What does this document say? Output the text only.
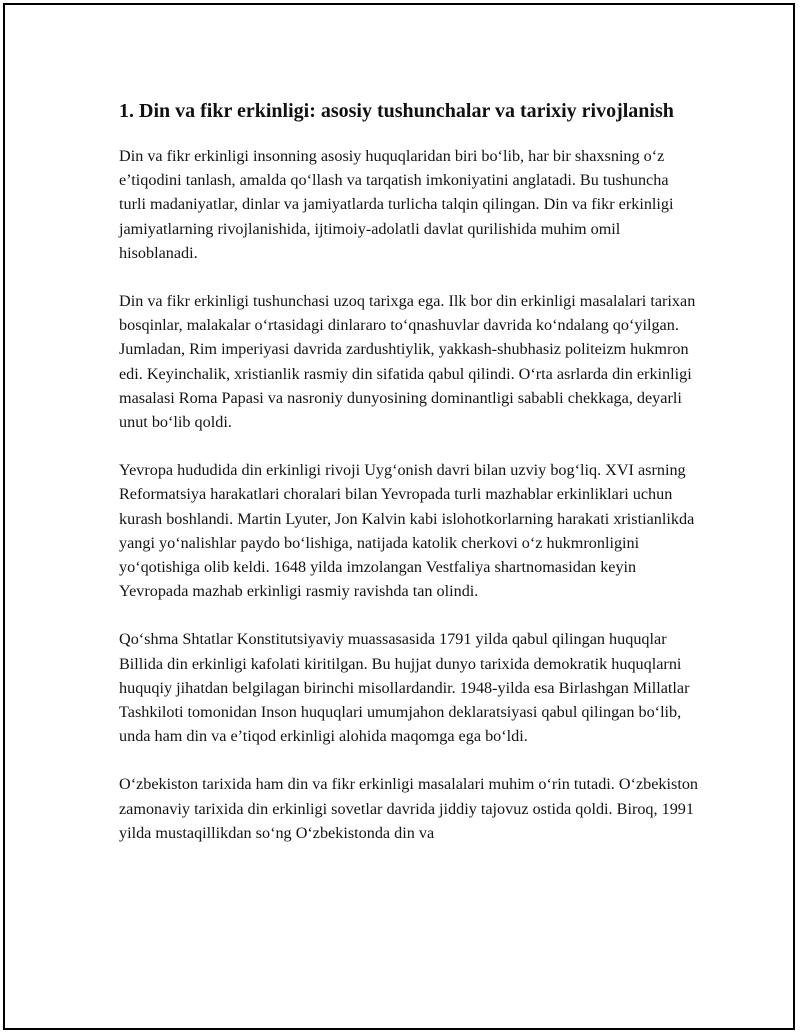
1. Din va fikr erkinligi: asosiy tushunchalar va tarixiy rivojlanish

Din va fikr erkinligi insonning asosiy huquqlaridan biri bo‘lib, har bir shaxsning o‘z e’tiqodini tanlash, amalda qo‘llash va tarqatish imkoniyatini anglatadi. Bu tushuncha turli madaniyatlar, dinlar va jamiyatlarda turlicha talqin qilingan. Din va fikr erkinligi jamiyatlarning rivojlanishida, ijtimoiy-adolatli davlat qurilishida muhim omil hisoblanadi.

Din va fikr erkinligi tushunchasi uzoq tarixga ega. Ilk bor din erkinligi masalalari tarixan bosqinlar, malakalar o‘rtasidagi dinlararo to‘qnashuvlar davrida ko‘ndalang qo‘yilgan. Jumladan, Rim imperiyasi davrida zardushtiylik, yakkash-shubhasiz politeizm hukmron edi. Keyinchalik, xristianlik rasmiy din sifatida qabul qilindi. O‘rta asrlarda din erkinligi masalasi Roma Papasi va nasroniy dunyosining dominantligi sababli chekkaga, deyarli unut bo‘lib qoldi.

Yevropa hududida din erkinligi rivoji Uyg‘onish davri bilan uzviy bog‘liq. XVI asrning Reformatsiya harakatlari choralari bilan Yevropada turli mazhablar erkinliklari uchun kurash boshlandi. Martin Lyuter, Jon Kalvin kabi islohotkorlarning harakati xristianlikda yangi yo‘nalishlar paydo bo‘lishiga, natijada katolik cherkovi o‘z hukmronligini yo‘qotishiga olib keldi. 1648 yilda imzolangan Vestfaliya shartnomasidan keyin Yevropada mazhab erkinligi rasmiy ravishda tan olindi.

Qo‘shma Shtatlar Konstitutsiyaviy muassasasida 1791 yilda qabul qilingan huquqlar Billida din erkinligi kafolati kiritilgan. Bu hujjat dunyo tarixida demokratik huquqlarni huquqiy jihatdan belgilagan birinchi misollardandir. 1948-yilda esa Birlashgan Millatlar Tashkiloti tomonidan Inson huquqlari umumjahon deklaratsiyasi qabul qilingan bo‘lib, unda ham din va e’tiqod erkinligi alohida maqomga ega bo‘ldi.

O‘zbekiston tarixida ham din va fikr erkinligi masalalari muhim o‘rin tutadi. O‘zbekiston zamonaviy tarixida din erkinligi sovetlar davrida jiddiy tajovuz ostida qoldi. Biroq, 1991 yilda mustaqillikdan so‘ng O‘zbekistonda din va
